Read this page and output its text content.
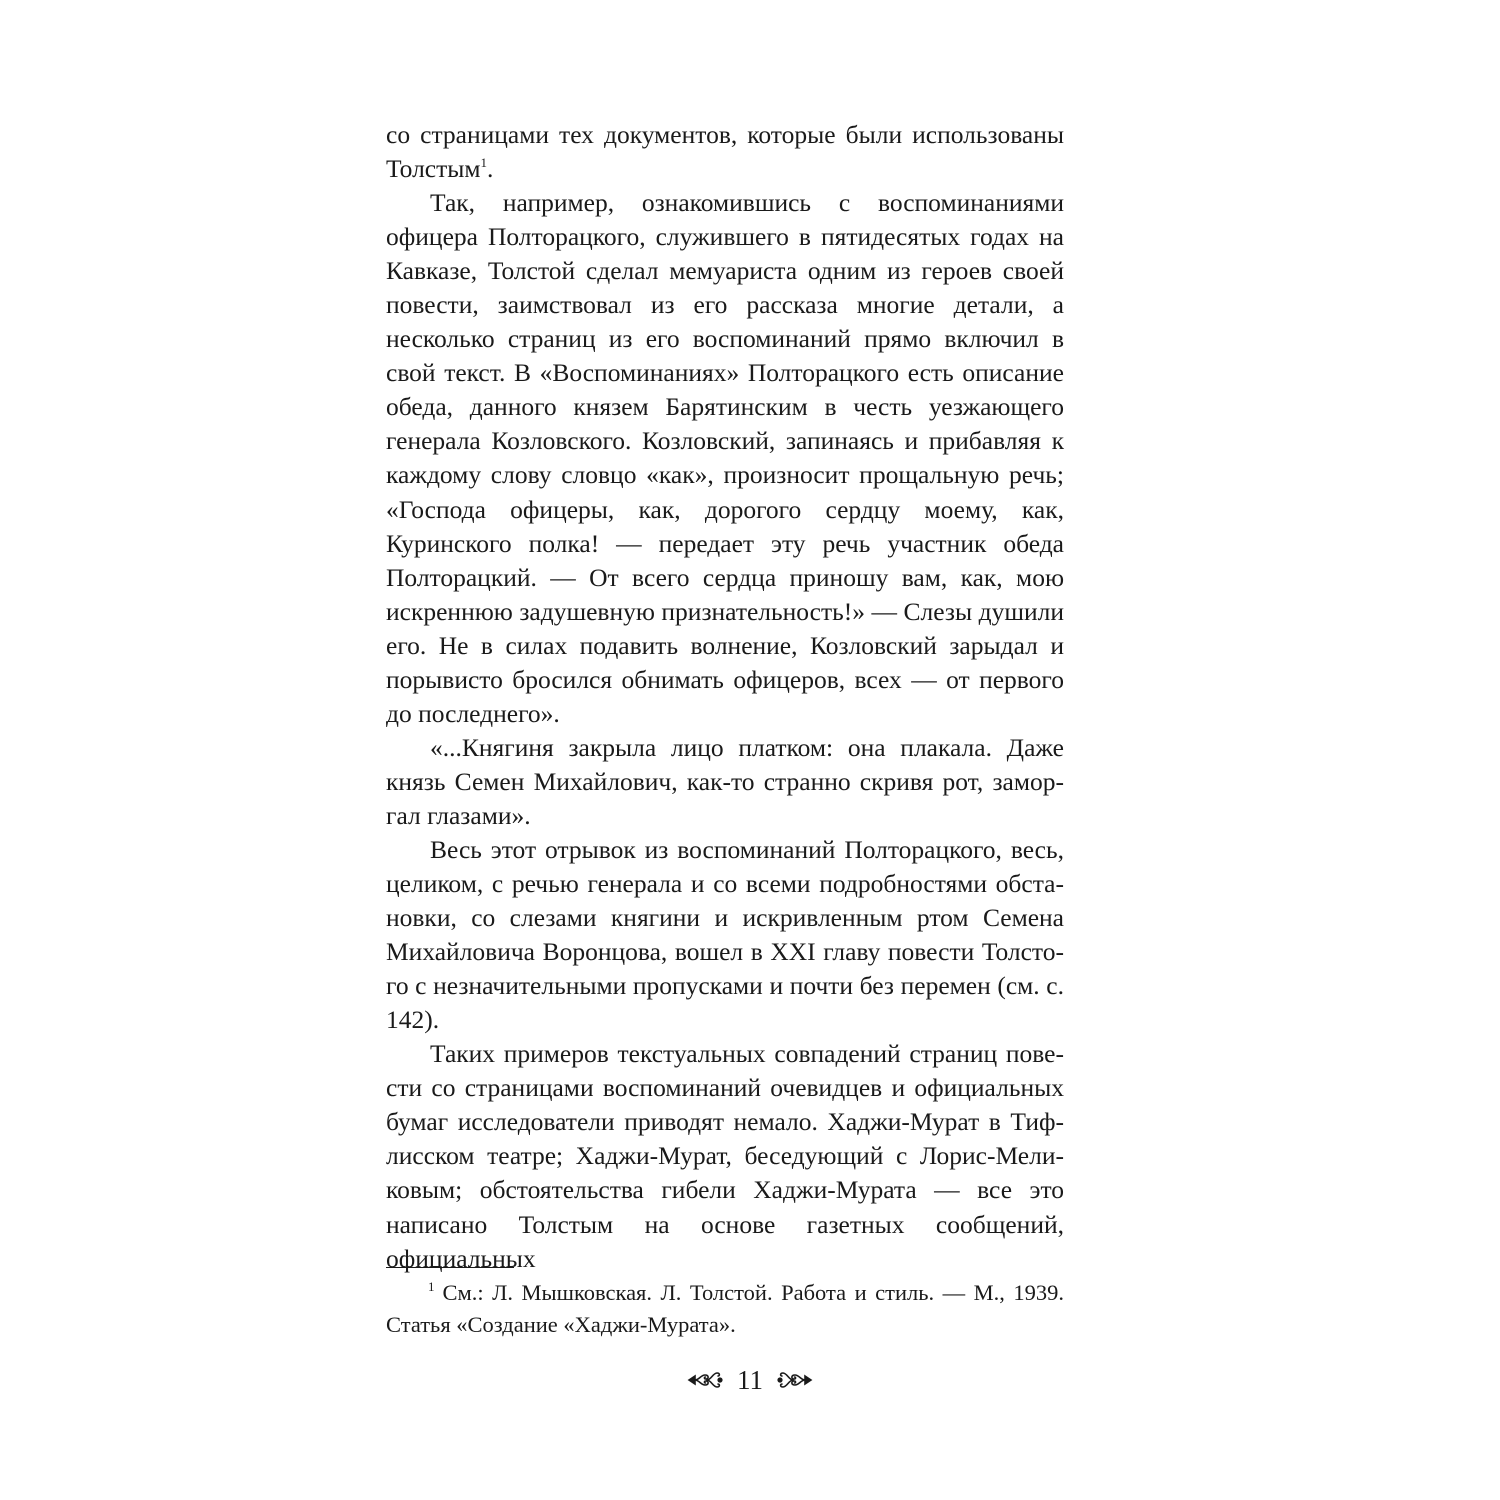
со страницами тех документов, которые были использованы Толстым$^1$.

Так, например, ознакомившись с воспоминаниями офицера Полторацкого, служившего в пятидесятых годах на Кавказе, Толстой сделал мемуариста одним из героев своей повести, заимствовал из его рассказа многие детали, а несколько страниц из его воспоминаний прямо включил в свой текст. В «Воспоминаниях» Полторацкого есть описание обеда, данного князем Барятинским в честь уезжающего генерала Козловского. Козловский, запинаясь и прибавляя к каждому слову словцо «как», произносит прощальную речь; «Господа офицеры, как, дорогого сердцу моему, как, Куринского полка! — передает эту речь участник обеда Полторацкий. — От всего сердца приношу вам, как, мою искреннюю задушевную признательность!» — Слезы душили его. Не в силах подавить волнение, Козловский зарыдал и порывисто бросился обнимать офицеров, всех — от первого до последнего».

«...Княгиня закрыла лицо платком: она плакала. Даже князь Семен Михайлович, как-то странно скривя рот, заморгал глазами».

Весь этот отрывок из воспоминаний Полторацкого, весь, целиком, с речью генерала и со всеми подробностями обстановки, со слезами княгини и искривленным ртом Семена Михайловича Воронцова, вошел в XXI главу повести Толстого с незначительными пропусками и почти без перемен (см. с. 142).

Таких примеров текстуальных совпадений страниц повести со страницами воспоминаний очевидцев и официальных бумаг исследователи приводят немало. Хаджи-Мурат в Тифлисском театре; Хаджи-Мурат, беседующий с Лорис-Меликовым; обстоятельства гибели Хаджи-Мурата — все это написано Толстым на основе газетных сообщений, официальных

$^1$ См.: Л. Мышковская. Л. Толстой. Работа и стиль. — М., 1939. Статья «Создание «Хаджи-Мурата».

11
